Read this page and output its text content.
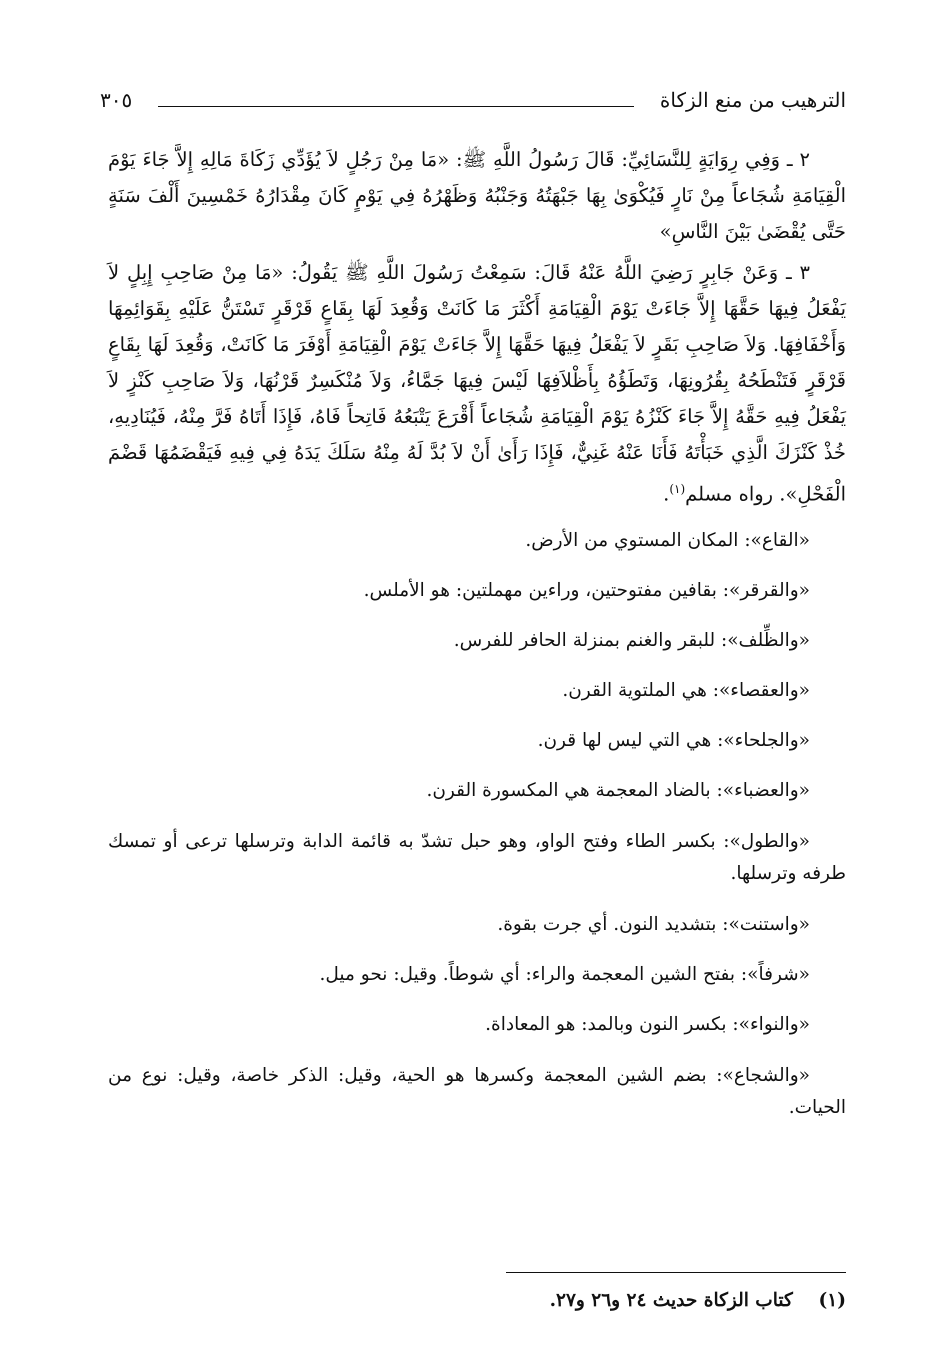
الترهيب من منع الزكاة
٣٠٥

٢ ـ وَفِي رِوَايَةٍ لِلنَّسَائِيِّ: قَالَ رَسُولُ اللَّهِ ﷺ: «مَا مِنْ رَجُلٍ لاَ يُؤَدِّي زَكَاةَ مَالِهِ إِلاَّ جَاءَ يَوْمَ الْقِيَامَةِ شُجَاعاً مِنْ نَارٍ فَيُكْوَىٰ بِهَا جَبْهَتُهُ وَجَنْبُهُ وَظَهْرُهُ فِي يَوْمٍ كَانَ مِقْدَارُهُ خَمْسِينَ أَلْفَ سَنَةٍ حَتَّى يُقْضَىٰ بَيْنَ النَّاسِ»

٣ ـ وَعَنْ جَابِرٍ رَضِيَ اللَّهُ عَنْهُ قَالَ: سَمِعْتُ رَسُولَ اللَّهِ ﷺ يَقُولُ: «مَا مِنْ صَاحِبِ إِبِلٍ لاَ يَفْعَلُ فِيهَا حَقَّهَا إِلاَّ جَاءَتْ يَوْمَ الْقِيَامَةِ أَكْثَرَ مَا كَانَتْ وَقُعِدَ لَهَا بِقَاعٍ قَرْقَرٍ تَسْتَنُّ عَلَيْهِ بِقَوَائِمِهَا وَأَخْفَافِهَا. وَلاَ صَاحِبِ بَقَرٍ لاَ يَفْعَلُ فِيهَا حَقَّهَا إِلاَّ جَاءَتْ يَوْمَ الْقِيَامَةِ أَوْفَرَ مَا كَانَتْ، وَقُعِدَ لَهَا بِقَاعٍ قَرْقَرٍ فَتَنْطَحُهُ بِقُرُونِهَا، وَتَطَؤُهُ بِأَظْلاَفِهَا لَيْسَ فِيهَا جَمَّاءُ، وَلاَ مُنْكَسِرٌ قَرْنُهَا، وَلاَ صَاحِبِ كَنْزٍ لاَ يَفْعَلُ فِيهِ حَقَّهُ إِلاَّ جَاءَ كَنْزُهُ يَوْمَ الْقِيَامَةِ شُجَاعاً أَقْرَعَ يَتْبَعُهُ فَاتِحاً فَاهُ، فَإِذَا أَتَاهُ فَرَّ مِنْهُ، فَيُنَادِيهِ، خُذْ كَنْزَكَ الَّذِي خَبَأْتَهُ فَأَنَا عَنْهُ غَنِيٌّ، فَإِذَا رَأَىٰ أَنْ لاَ بُدَّ لَهُ مِنْهُ سَلَكَ يَدَهُ فِي فِيهِ فَيَقْضَمُهَا قَضْمَ الْفَحْلِ». رواه مسلم$^{(١)}$.

«القاع»: المكان المستوي من الأرض.

«والقرقر»: بقافين مفتوحتين، وراءين مهملتين: هو الأملس.

«والظِّلف»: للبقر والغنم بمنزلة الحافر للفرس.

«والعقصاء»: هي الملتوية القرن.

«والجلحاء»: هي التي ليس لها قرن.

«والعضباء»: بالضاد المعجمة هي المكسورة القرن.

«والطول»: بكسر الطاء وفتح الواو، وهو حبل تشدّ به قائمة الدابة وترسلها ترعى أو تمسك طرفه وترسلها.

«واستنت»: بتشديد النون. أي جرت بقوة.

«شرفاً»: بفتح الشين المعجمة والراء: أي شوطاً. وقيل: نحو ميل.

«والنواء»: بكسر النون وبالمد: هو المعاداة.

«والشجاع»: بضم الشين المعجمة وكسرها هو الحية، وقيل: الذكر خاصة، وقيل: نوع من الحيات.

(١)    كتاب الزكاة حديث ٢٤ و٢٦ و٢٧.
